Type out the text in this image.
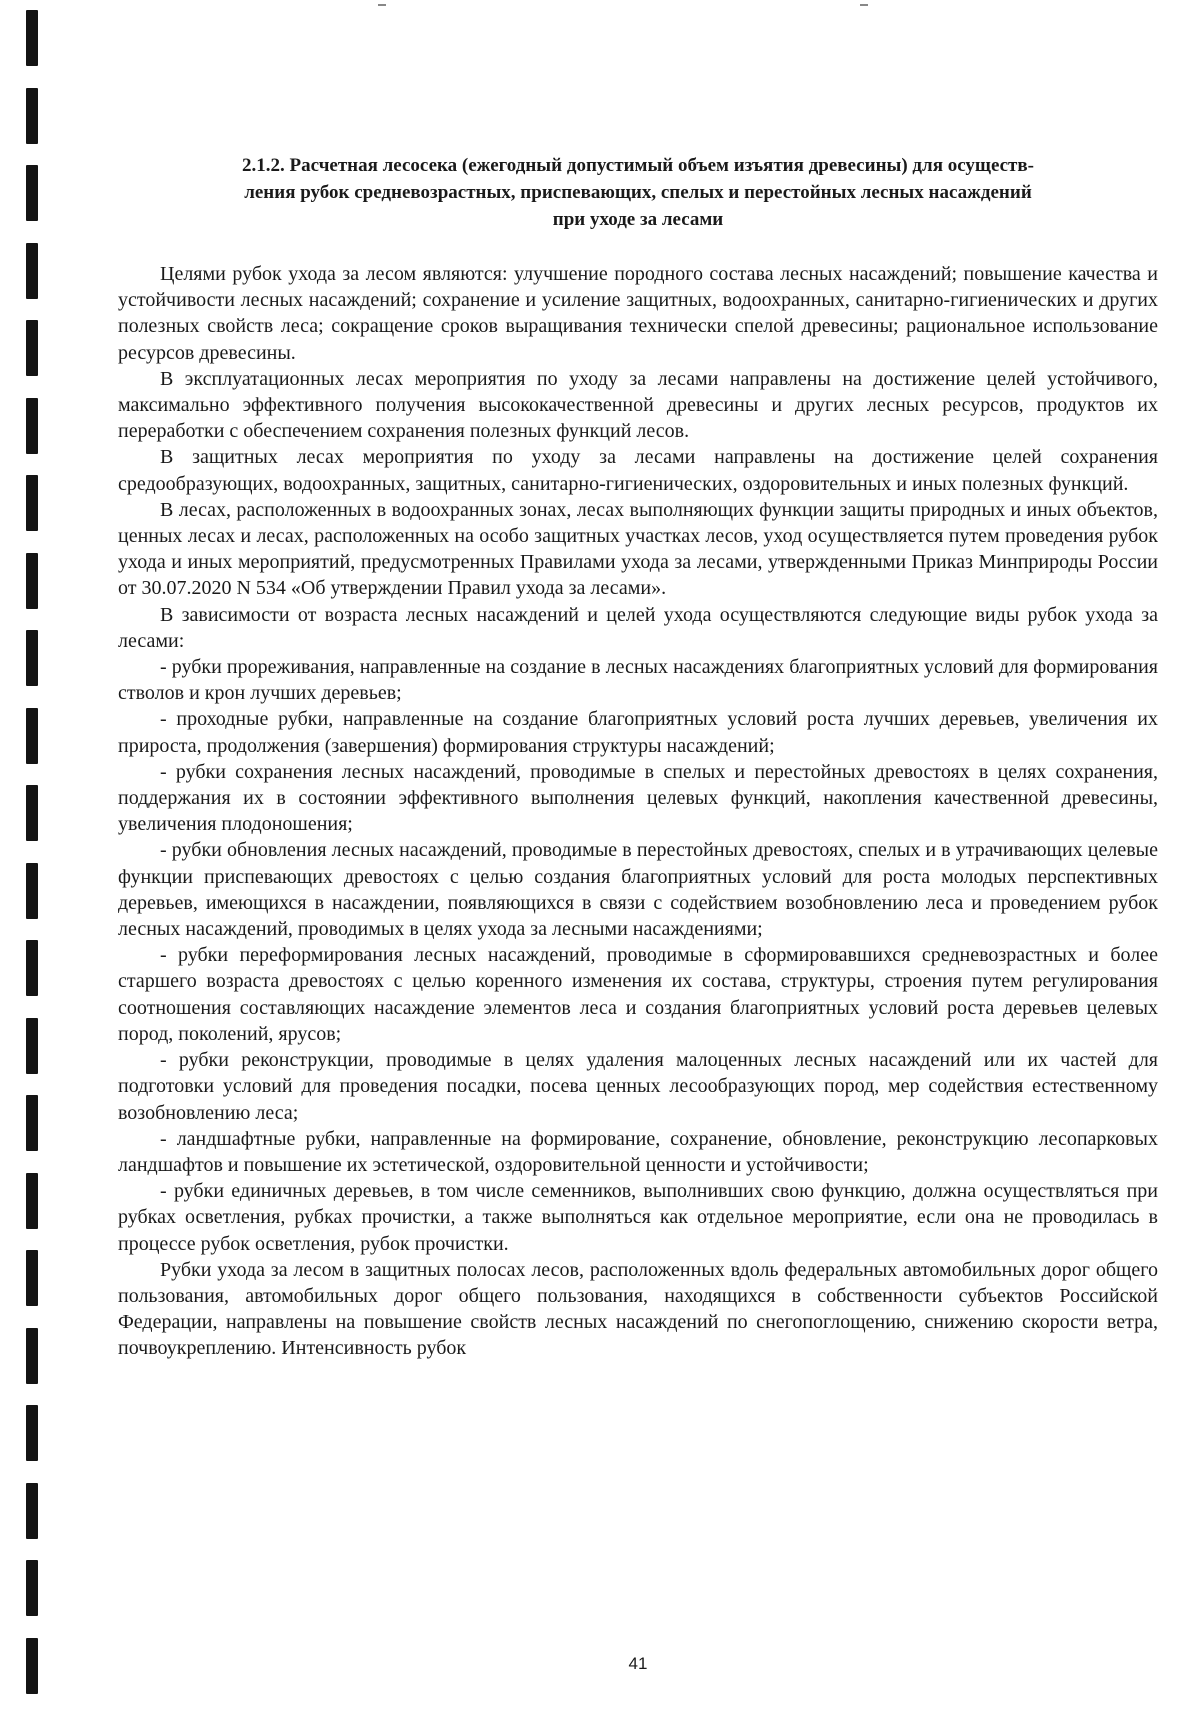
2.1.2. Расчетная лесосека (ежегодный допустимый объем изъятия древесины) для осуществ-
ления рубок средневозрастных, приспевающих, спелых и перестойных лесных насаждений
при уходе за лесами

Целями рубок ухода за лесом являются: улучшение породного состава лесных насаждений; повышение качества и устойчивости лесных насаждений; сохранение и усиление защитных, водоохранных, санитарно-гигиенических и других полезных свойств леса; сокращение сроков выращивания технически спелой древесины; рациональное использование ресурсов древесины.

В эксплуатационных лесах мероприятия по уходу за лесами направлены на достижение целей устойчивого, максимально эффективного получения высококачественной древесины и других лесных ресурсов, продуктов их переработки с обеспечением сохранения полезных функций лесов.

В защитных лесах мероприятия по уходу за лесами направлены на достижение целей сохранения средообразующих, водоохранных, защитных, санитарно-гигиенических, оздоровительных и иных полезных функций.

В лесах, расположенных в водоохранных зонах, лесах выполняющих функции защиты природных и иных объектов, ценных лесах и лесах, расположенных на особо защитных участках лесов, уход осуществляется путем проведения рубок ухода и иных мероприятий, предусмотренных Правилами ухода за лесами, утвержденными Приказ Минприроды России от 30.07.2020 N 534 «Об утверждении Правил ухода за лесами».

В зависимости от возраста лесных насаждений и целей ухода осуществляются следующие виды рубок ухода за лесами:

- рубки прореживания, направленные на создание в лесных насаждениях благоприятных условий для формирования стволов и крон лучших деревьев;

- проходные рубки, направленные на создание благоприятных условий роста лучших деревьев, увеличения их прироста, продолжения (завершения) формирования структуры насаждений;

- рубки сохранения лесных насаждений, проводимые в спелых и перестойных древостоях в целях сохранения, поддержания их в состоянии эффективного выполнения целевых функций, накопления качественной древесины, увеличения плодоношения;

- рубки обновления лесных насаждений, проводимые в перестойных древостоях, спелых и в утрачивающих целевые функции приспевающих древостоях с целью создания благоприятных условий для роста молодых перспективных деревьев, имеющихся в насаждении, появляющихся в связи с содействием возобновлению леса и проведением рубок лесных насаждений, проводимых в целях ухода за лесными насаждениями;

- рубки переформирования лесных насаждений, проводимые в сформировавшихся средневозрастных и более старшего возраста древостоях с целью коренного изменения их состава, структуры, строения путем регулирования соотношения составляющих насаждение элементов леса и создания благоприятных условий роста деревьев целевых пород, поколений, ярусов;

- рубки реконструкции, проводимые в целях удаления малоценных лесных насаждений или их частей для подготовки условий для проведения посадки, посева ценных лесообразующих пород, мер содействия естественному возобновлению леса;

- ландшафтные рубки, направленные на формирование, сохранение, обновление, реконструкцию лесопарковых ландшафтов и повышение их эстетической, оздоровительной ценности и устойчивости;

- рубки единичных деревьев, в том числе семенников, выполнивших свою функцию, должна осуществляться при рубках осветления, рубках прочистки, а также выполняться как отдельное мероприятие, если она не проводилась в процессе рубок осветления, рубок прочистки.

Рубки ухода за лесом в защитных полосах лесов, расположенных вдоль федеральных автомобильных дорог общего пользования, автомобильных дорог общего пользования, находящихся в собственности субъектов Российской Федерации, направлены на повышение свойств лесных насаждений по снегопоглощению, снижению скорости ветра, почвоукреплению. Интенсивность рубок

41
